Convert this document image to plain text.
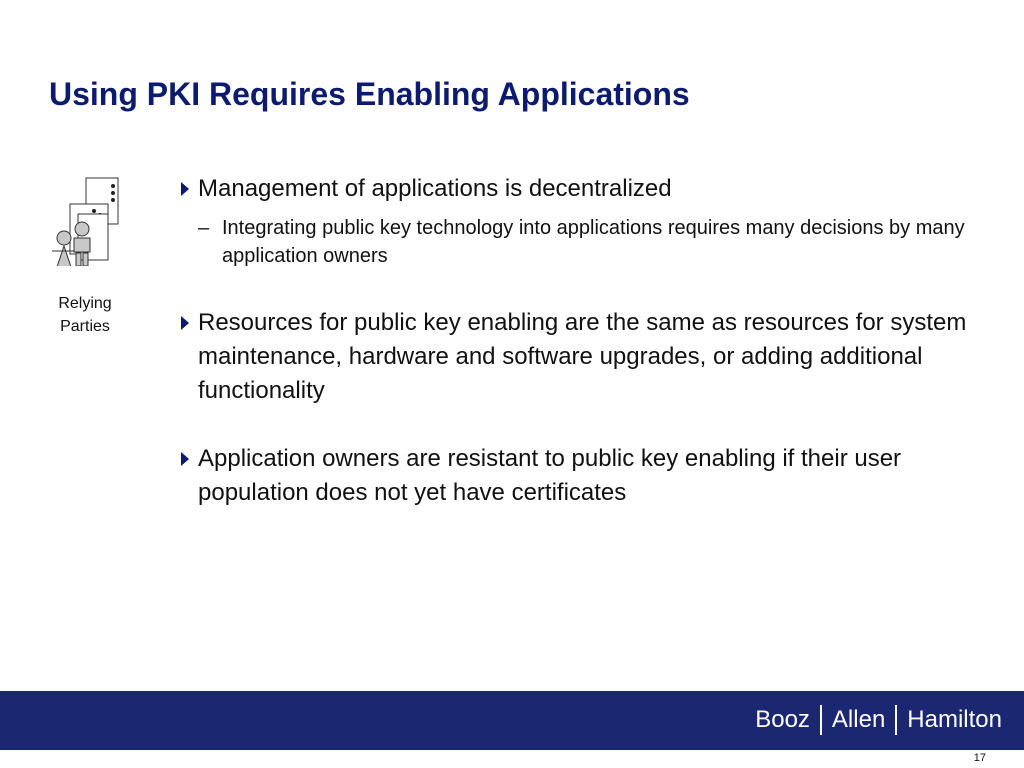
Using PKI Requires Enabling Applications
Relying
Parties
Management of applications is decentralized
– Integrating public key technology into applications requires many decisions by many application owners
Resources for public key enabling are the same as resources for system maintenance, hardware and software upgrades, or adding additional functionality
Application owners are resistant to public key enabling if their user population does not yet have certificates
Booz Allen Hamilton
17
